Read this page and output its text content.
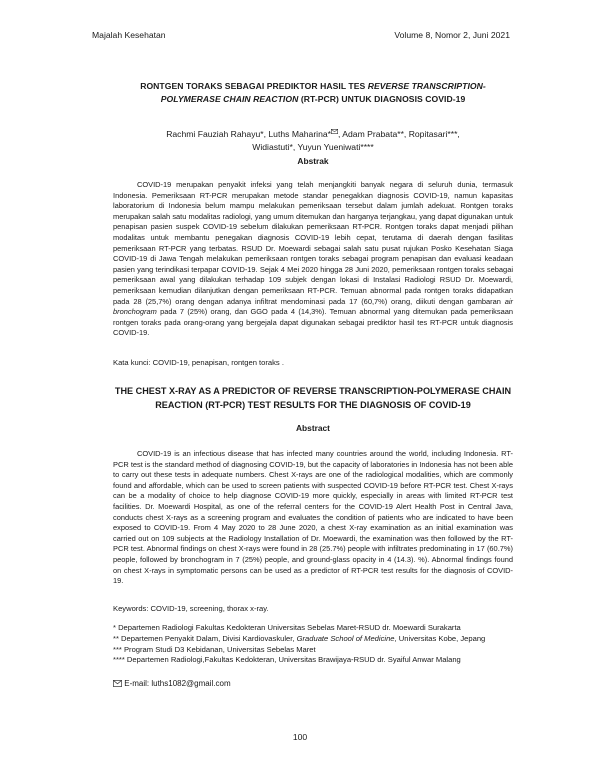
Majalah Kesehatan	Volume 8, Nomor 2, Juni 2021
RONTGEN TORAKS SEBAGAI PREDIKTOR HASIL TES REVERSE TRANSCRIPTION-POLYMERASE CHAIN REACTION (RT-PCR) UNTUK DIAGNOSIS COVID-19
Rachmi Fauziah Rahayu*, Luths Maharina* , Adam Prabata**, Ropitasari***,
Widiastuti*, Yuyun Yueniwati****
Abstrak

COVID-19 merupakan penyakit infeksi yang telah menjangkiti banyak negara di seluruh dunia, termasuk Indonesia. Pemeriksaan RT-PCR merupakan metode standar penegakkan diagnosis COVID-19, namun kapasitas laboratorium di Indonesia belum mampu melakukan pemeriksaan tersebut dalam jumlah adekuat. Rontgen toraks merupakan salah satu modalitas radiologi, yang umum ditemukan dan harganya terjangkau, yang dapat digunakan untuk penapisan pasien suspek COVID-19 sebelum dilakukan pemeriksaan RT-PCR. Rontgen toraks dapat menjadi pilihan modalitas untuk membantu penegakan diagnosis COVID-19 lebih cepat, terutama di daerah dengan fasilitas pemeriksaan RT-PCR yang terbatas. RSUD Dr. Moewardi sebagai salah satu pusat rujukan Posko Kesehatan Siaga COVID-19 di Jawa Tengah melakukan pemeriksaan rontgen toraks sebagai program penapisan dan evaluasi keadaan pasien yang terindikasi terpapar COVID-19. Sejak 4 Mei 2020 hingga 28 Juni 2020, pemeriksaan rontgen toraks sebagai pemeriksaan awal yang dilakukan terhadap 109 subjek dengan lokasi di Instalasi Radiologi RSUD Dr. Moewardi, pemeriksaan kemudian dilanjutkan dengan pemeriksaan RT-PCR. Temuan abnormal pada rontgen toraks didapatkan pada 28 (25,7%) orang dengan adanya infiltrat mendominasi pada 17 (60,7%) orang, diikuti dengan gambaran air bronchogram pada 7 (25%) orang, dan GGO pada 4 (14,3%). Temuan abnormal yang ditemukan pada pemeriksaan rontgen toraks pada orang-orang yang bergejala dapat digunakan sebagai prediktor hasil tes RT-PCR untuk diagnosis COVID-19.

Kata kunci: COVID-19, penapisan, rontgen toraks .
THE CHEST X-RAY AS A PREDICTOR OF REVERSE TRANSCRIPTION-POLYMERASE CHAIN REACTION (RT-PCR) TEST RESULTS FOR THE DIAGNOSIS OF COVID-19
Abstract

COVID-19 is an infectious disease that has infected many countries around the world, including Indonesia. RT-PCR test is the standard method of diagnosing COVID-19, but the capacity of laboratories in Indonesia has not been able to carry out these tests in adequate numbers. Chest X-rays are one of the radiological modalities, which are commonly found and affordable, which can be used to screen patients with suspected COVID-19 before RT-PCR test. Chest X-rays can be a modality of choice to help diagnose COVID-19 more quickly, especially in areas with limited RT-PCR test facilities. Dr. Moewardi Hospital, as one of the referral centers for the COVID-19 Alert Health Post in Central Java, conducts chest X-rays as a screening program and evaluates the condition of patients who are indicated to have been exposed to COVID-19. From 4 May 2020 to 28 June 2020, a chest X-ray examination as an initial examination was carried out on 109 subjects at the Radiology Installation of Dr. Moewardi, the examination was then followed by the RT-PCR test. Abnormal findings on chest X-rays were found in 28 (25.7%) people with infiltrates predominating in 17 (60.7%) people, followed by bronchogram in 7 (25%) people, and ground-glass opacity in 4 (14.3). %). Abnormal findings found on chest X-rays in symptomatic persons can be used as a predictor of RT-PCR test results for the diagnosis of COVID-19.

Keywords: COVID-19, screening, thorax x-ray.
* Departemen Radiologi Fakultas Kedokteran Universitas Sebelas Maret-RSUD dr. Moewardi Surakarta
** Departemen Penyakit Dalam, Divisi Kardiovaskuler, Graduate School of Medicine, Universitas Kobe, Jepang
*** Program Studi D3 Kebidanan, Universitas Sebelas Maret
**** Departemen Radiologi,Fakultas Kedokteran, Universitas Brawijaya-RSUD dr. Syaiful Anwar Malang
E-mail: luths1082@gmail.com
100
